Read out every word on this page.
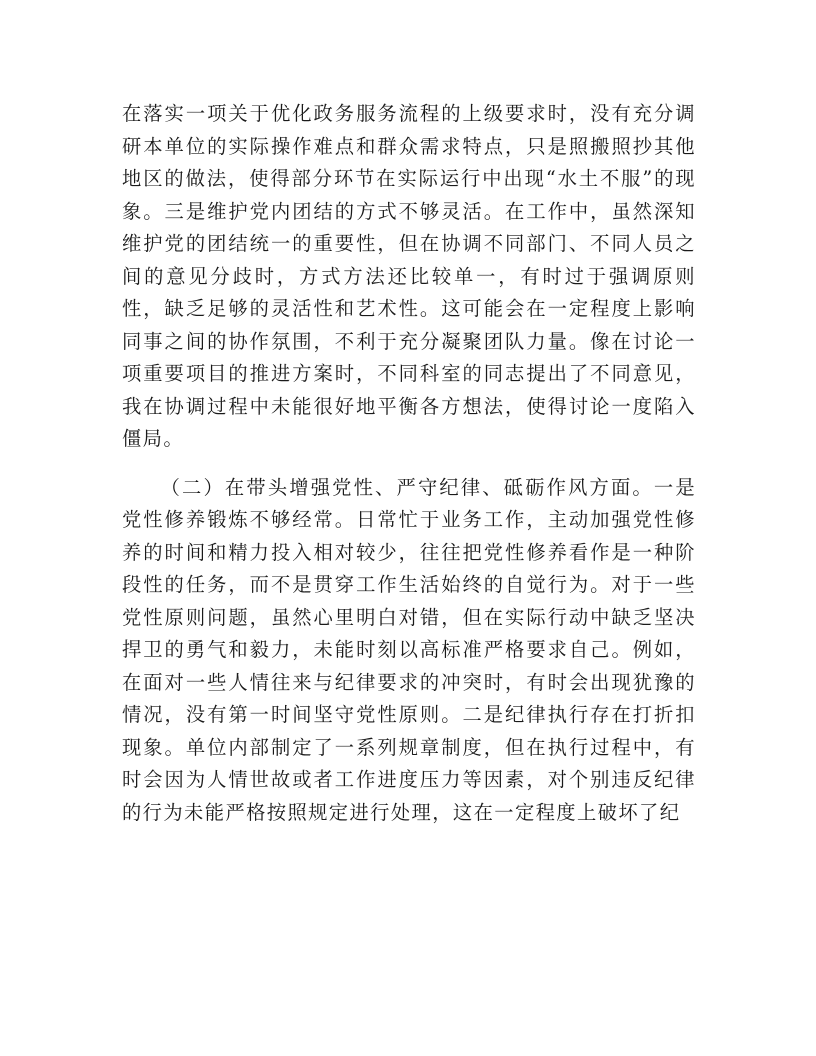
在落实一项关于优化政务服务流程的上级要求时，没有充分调研本单位的实际操作难点和群众需求特点，只是照搬照抄其他地区的做法，使得部分环节在实际运行中出现“水土不服”的现象。三是维护党内团结的方式不够灵活。在工作中，虽然深知维护党的团结统一的重要性，但在协调不同部门、不同人员之间的意见分歧时，方式方法还比较单一，有时过于强调原则性，缺乏足够的灵活性和艺术性。这可能会在一定程度上影响同事之间的协作氛围，不利于充分凝聚团队力量。像在讨论一项重要项目的推进方案时，不同科室的同志提出了不同意见，我在协调过程中未能很好地平衡各方想法，使得讨论一度陷入僵局。

（二）在带头增强党性、严守纪律、砥砺作风方面。一是党性修养锻炼不够经常。日常忙于业务工作，主动加强党性修养的时间和精力投入相对较少，往往把党性修养看作是一种阶段性的任务，而不是贯穿工作生活始终的自觉行为。对于一些党性原则问题，虽然心里明白对错，但在实际行动中缺乏坚决捍卫的勇气和毅力，未能时刻以高标准严格要求自己。例如，在面对一些人情往来与纪律要求的冲突时，有时会出现犹豫的情况，没有第一时间坚守党性原则。二是纪律执行存在打折扣现象。单位内部制定了一系列规章制度，但在执行过程中，有时会因为人情世故或者工作进度压力等因素，对个别违反纪律的行为未能严格按照规定进行处理，这在一定程度上破坏了纪
